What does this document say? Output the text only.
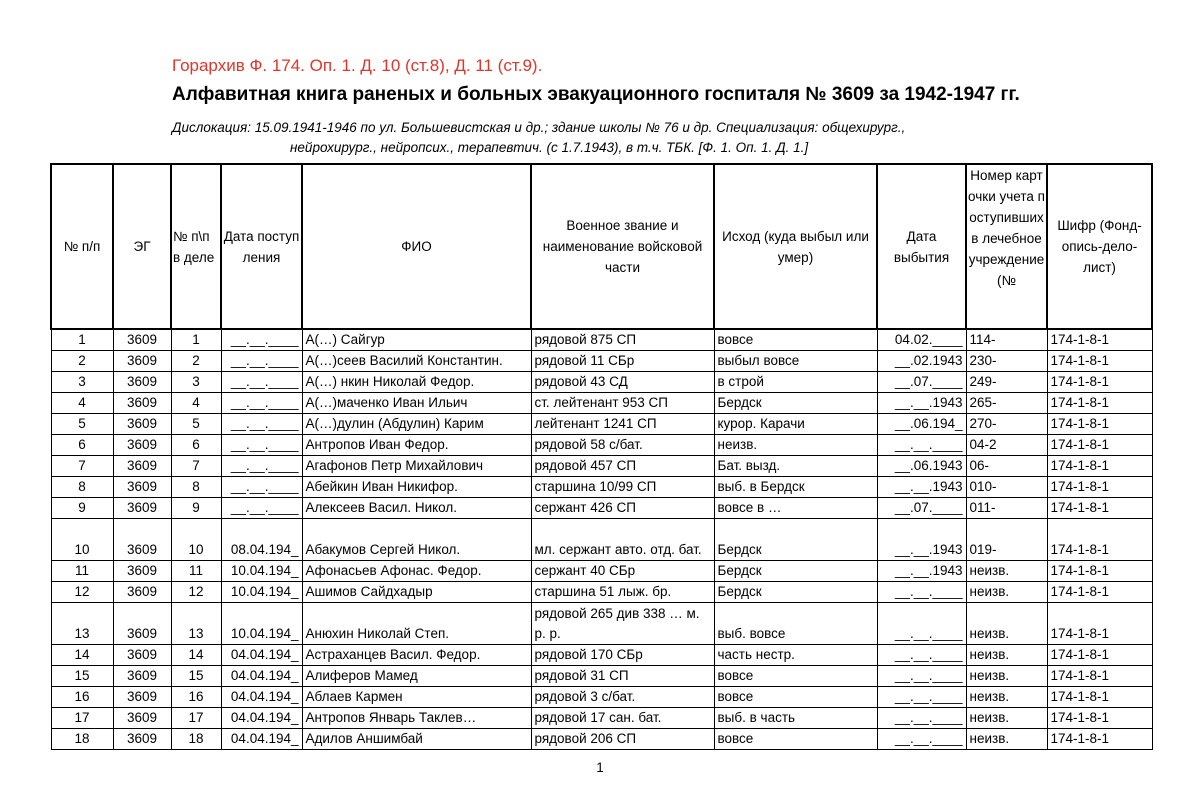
Горархив Ф. 174. Оп. 1. Д. 10 (ст.8), Д. 11 (ст.9).
Алфавитная книга раненых и больных эвакуационного госпиталя № 3609 за 1942-1947 гг.
Дислокация: 15.09.1941-1946 по ул. Большевистская и др.; здание школы № 76 и др. Специализация: общехирург.,
нейрохирург., нейропсих., терапевтич. (с 1.7.1943), в т.ч. ТБК. [Ф. 1. Оп. 1. Д. 1.]
№ п/п	ЭГ	№ п\п в деле	Дата поступления	ФИО	Военное звание и наименование войсковой части	Исход (куда выбыл или умер)	Дата выбытия	Номер карточки учета поступивших в лечебное учреждение (№	Шифр (Фонд-опись-дело-лист)
1	3609	1	__.__.____	А(…) Сайгур	рядовой 875 СП	вовсе	04.02.____	114-	174-1-8-1
2	3609	2	__.__.____	А(…)сеев Василий Константин.	рядовой 11 СБр	выбыл вовсе	__.02.1943	230-	174-1-8-1
3	3609	3	__.__.____	А(…) нкин Николай Федор.	рядовой 43 СД	в строй	__.07.____	249-	174-1-8-1
4	3609	4	__.__.____	А(…)маченко Иван Ильич	ст. лейтенант 953 СП	Бердск	__.__.1943	265-	174-1-8-1
5	3609	5	__.__.____	А(…)дулин (Абдулин) Карим	лейтенант 1241 СП	курор. Карачи	__.06.194_	270-	174-1-8-1
6	3609	6	__.__.____	Антропов Иван Федор.	рядовой 58 с/бат.	неизв.	__.__.____	04-2	174-1-8-1
7	3609	7	__.__.____	Агафонов Петр Михайлович	рядовой 457 СП	Бат. вызд.	__.06.1943	06-	174-1-8-1
8	3609	8	__.__.____	Абейкин Иван Никифор.	старшина 10/99 СП	выб. в Бердск	__.__.1943	010-	174-1-8-1
9	3609	9	__.__.____	Алексеев Васил. Никол.	сержант 426 СП	вовсе в …	__.07.____	011-	174-1-8-1
10	3609	10	08.04.194_	Абакумов Сергей Никол.	мл. сержант авто. отд. бат.	Бердск	__.__.1943	019-	174-1-8-1
11	3609	11	10.04.194_	Афонасьев Афонас. Федор.	сержант 40 СБр	Бердск	__.__.1943	неизв.	174-1-8-1
12	3609	12	10.04.194_	Ашимов Сайдхадыр	старшина 51 лыж. бр.	Бердск	__.__.____	неизв.	174-1-8-1
13	3609	13	10.04.194_	Анюхин Николай Степ.	рядовой 265 див 338 … м. р. р.	выб. вовсе	__.__.____	неизв.	174-1-8-1
14	3609	14	04.04.194_	Астраханцев Васил. Федор.	рядовой 170 СБр	часть нестр.	__.__.____	неизв.	174-1-8-1
15	3609	15	04.04.194_	Алиферов Мамед	рядовой 31 СП	вовсе	__.__.____	неизв.	174-1-8-1
16	3609	16	04.04.194_	Аблаев Кармен	рядовой 3 с/бат.	вовсе	__.__.____	неизв.	174-1-8-1
17	3609	17	04.04.194_	Антропов Январь Таклев…	рядовой 17 сан. бат.	выб. в часть	__.__.____	неизв.	174-1-8-1
18	3609	18	04.04.194_	Адилов Аншимбай	рядовой 206 СП	вовсе	__.__.____	неизв.	174-1-8-1
1
